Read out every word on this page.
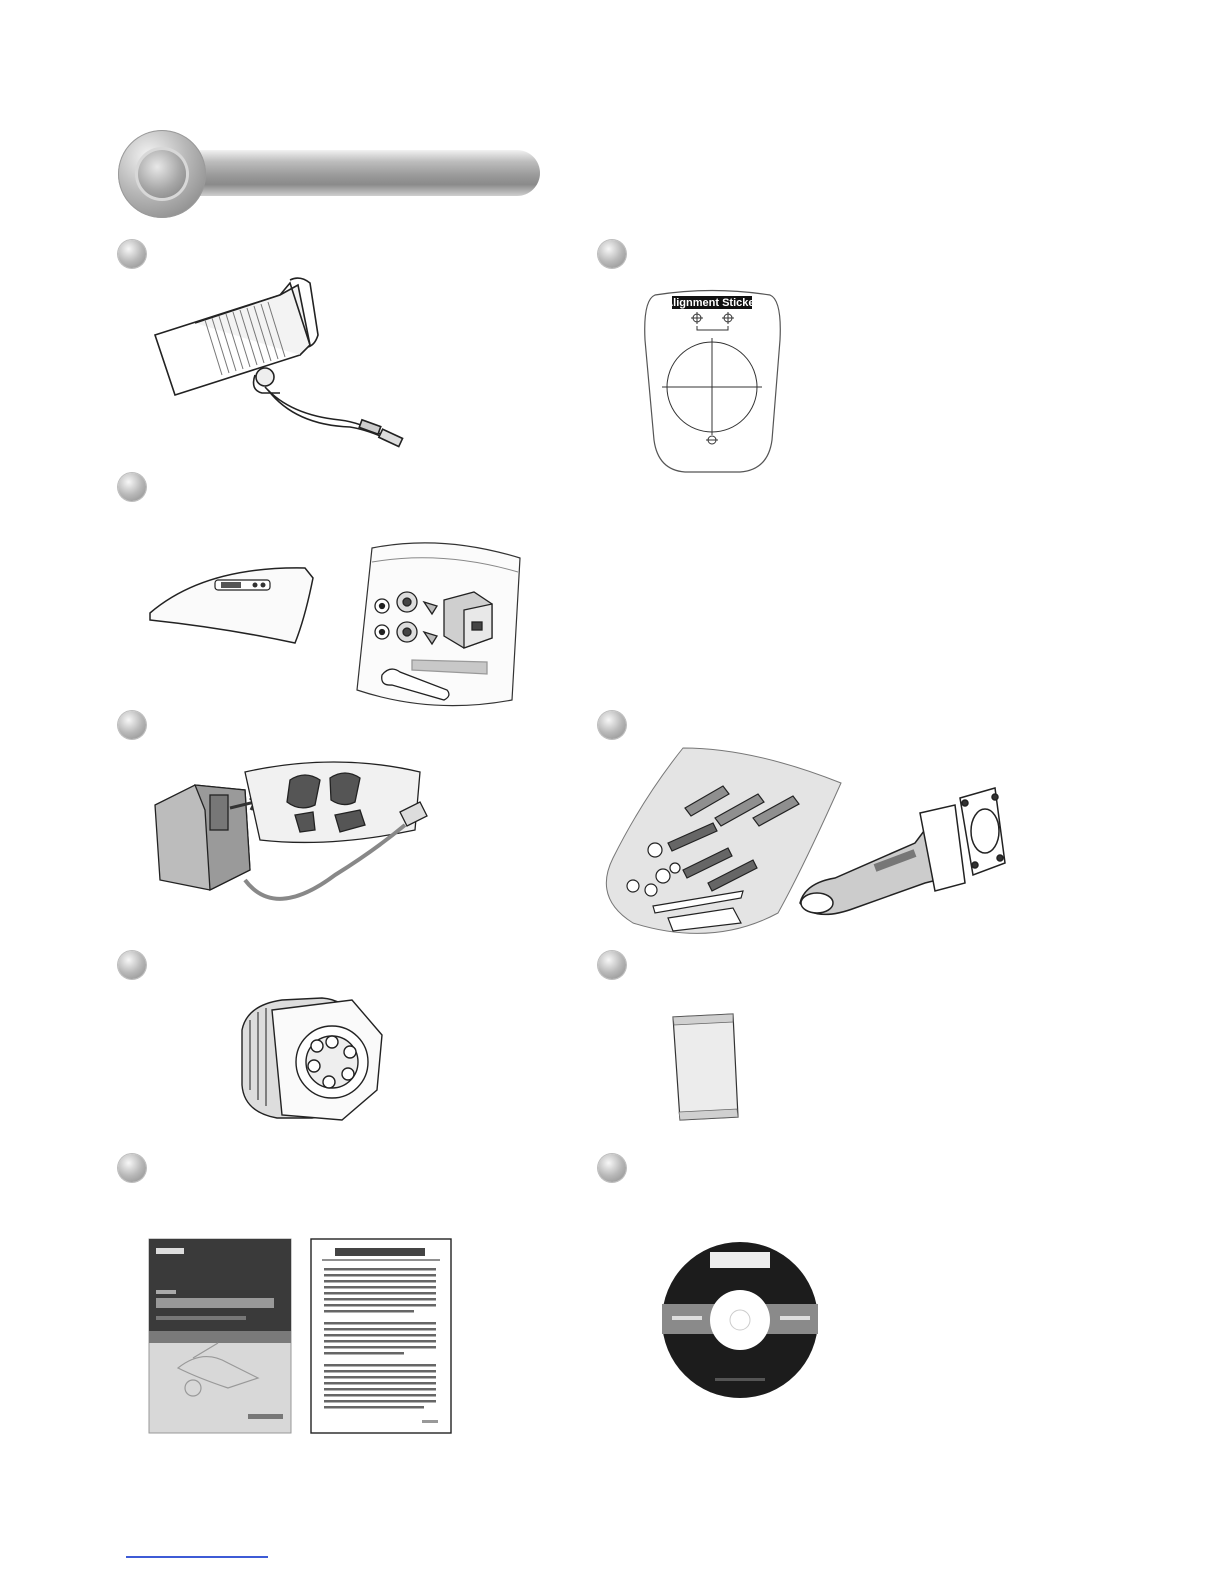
Alignment Sticker
